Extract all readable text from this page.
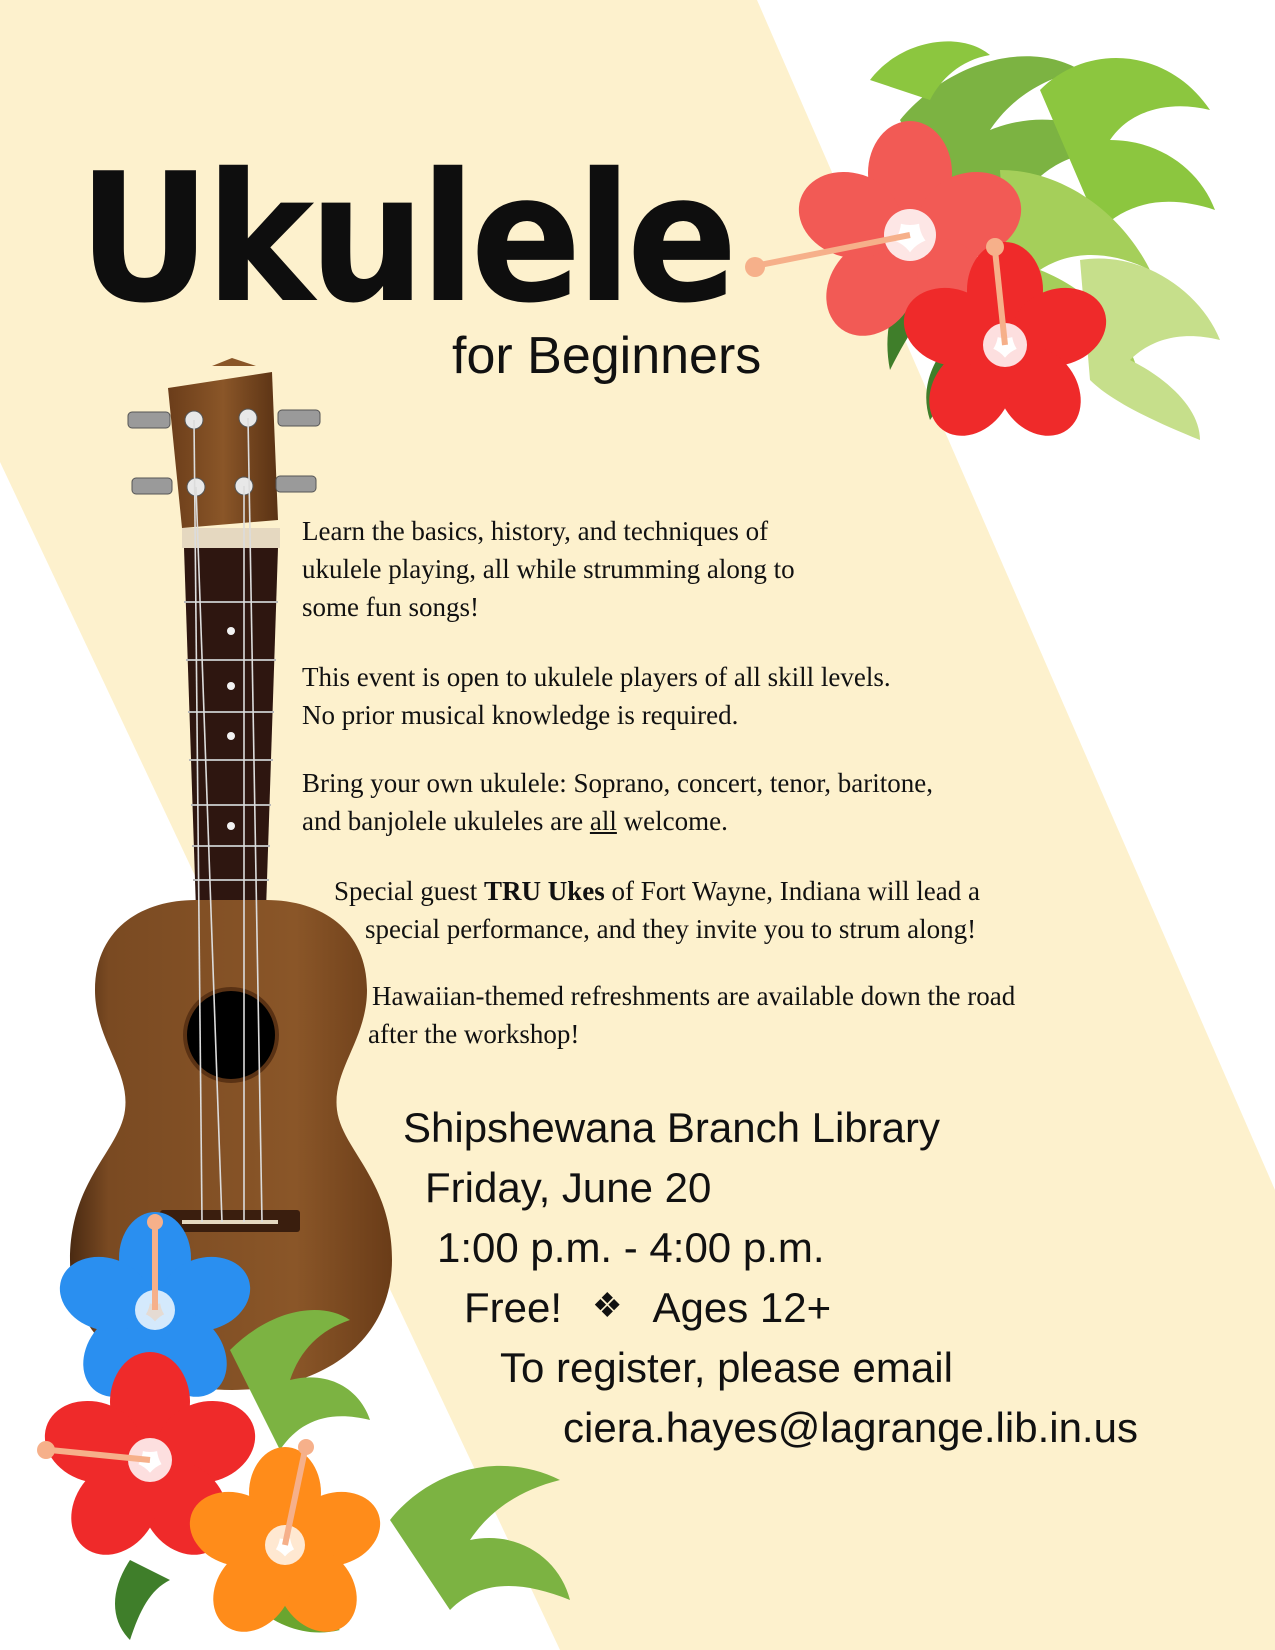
Ukulele
for Beginners

Learn the basics, history, and techniques of
ukulele playing, all while strumming along to
some fun songs!

This event is open to ukulele players of all skill levels.
No prior musical knowledge is required.

Bring your own ukulele: Soprano, concert, tenor, baritone,
and banjolele ukuleles are all welcome.

Special guest TRU Ukes of Fort Wayne, Indiana will lead a
special performance, and they invite you to strum along!

Hawaiian-themed refreshments are available down the road

after the workshop!

Shipshewana Branch Library
Friday, June 20
1:00 p.m. - 4:00 p.m.
Free! ❖ Ages 12+
To register, please email
ciera.hayes@lagrange.lib.in.us
